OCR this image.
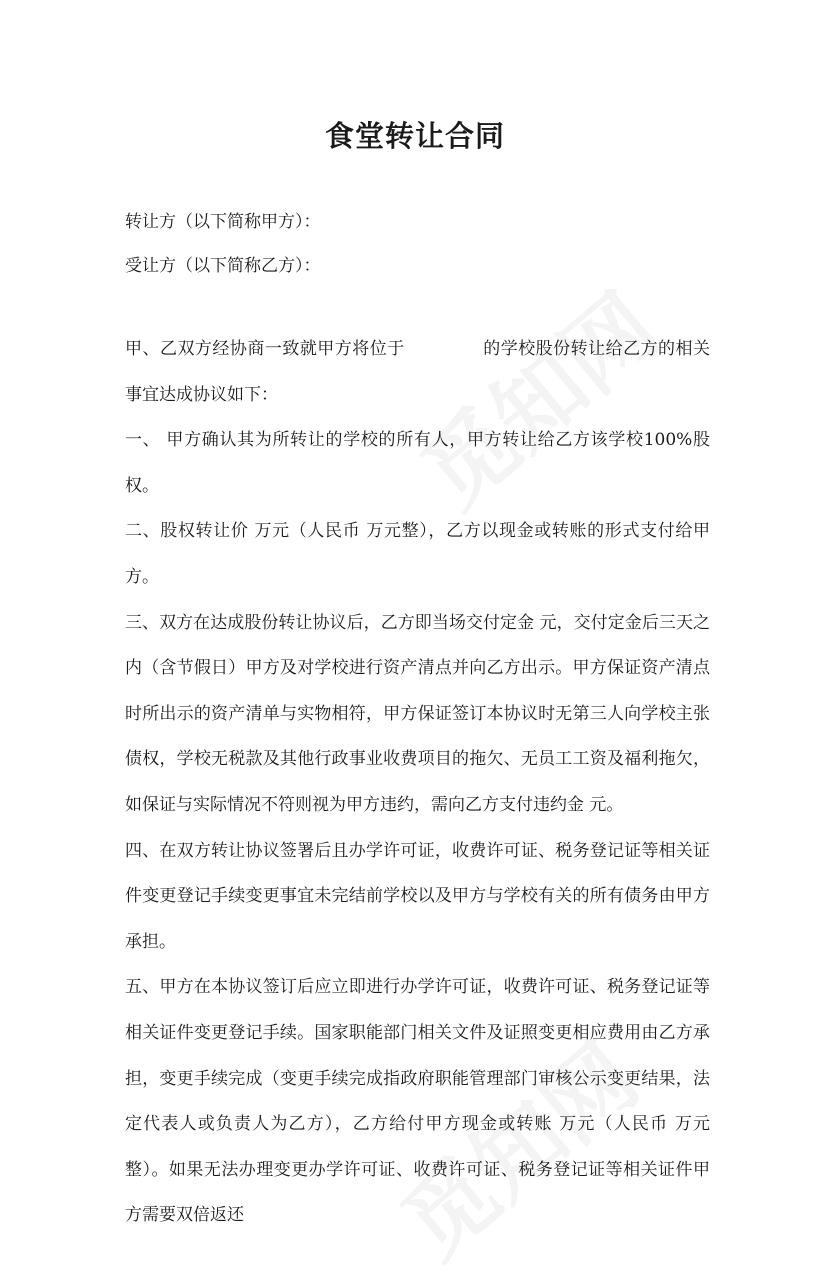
食堂转让合同

转让方（以下简称甲方）：

受让方（以下简称乙方）：

甲、乙双方经协商一致就甲方将位于	的学校股份转让给乙方的相关事宜达成协议如下：

一、 甲方确认其为所转让的学校的所有人，甲方转让给乙方该学校100%股权。

二、股权转让价 万元（人民币 万元整），乙方以现金或转账的形式支付给甲方。

三、双方在达成股份转让协议后，乙方即当场交付定金 元，交付定金后三天之内（含节假日）甲方及对学校进行资产清点并向乙方出示。甲方保证资产清点时所出示的资产清单与实物相符，甲方保证签订本协议时无第三人向学校主张债权，学校无税款及其他行政事业收费项目的拖欠、无员工工资及福利拖欠，如保证与实际情况不符则视为甲方违约，需向乙方支付违约金 元。

四、在双方转让协议签署后且办学许可证，收费许可证、税务登记证等相关证件变更登记手续变更事宜未完结前学校以及甲方与学校有关的所有债务由甲方承担。

五、甲方在本协议签订后应立即进行办学许可证，收费许可证、税务登记证等相关证件变更登记手续。国家职能部门相关文件及证照变更相应费用由乙方承担，变更手续完成（变更手续完成指政府职能管理部门审核公示变更结果，法定代表人或负责人为乙方），乙方给付甲方现金或转账 万元（人民币 万元整）。如果无法办理变更办学许可证、收费许可证、税务登记证等相关证件甲方需要双倍返还
